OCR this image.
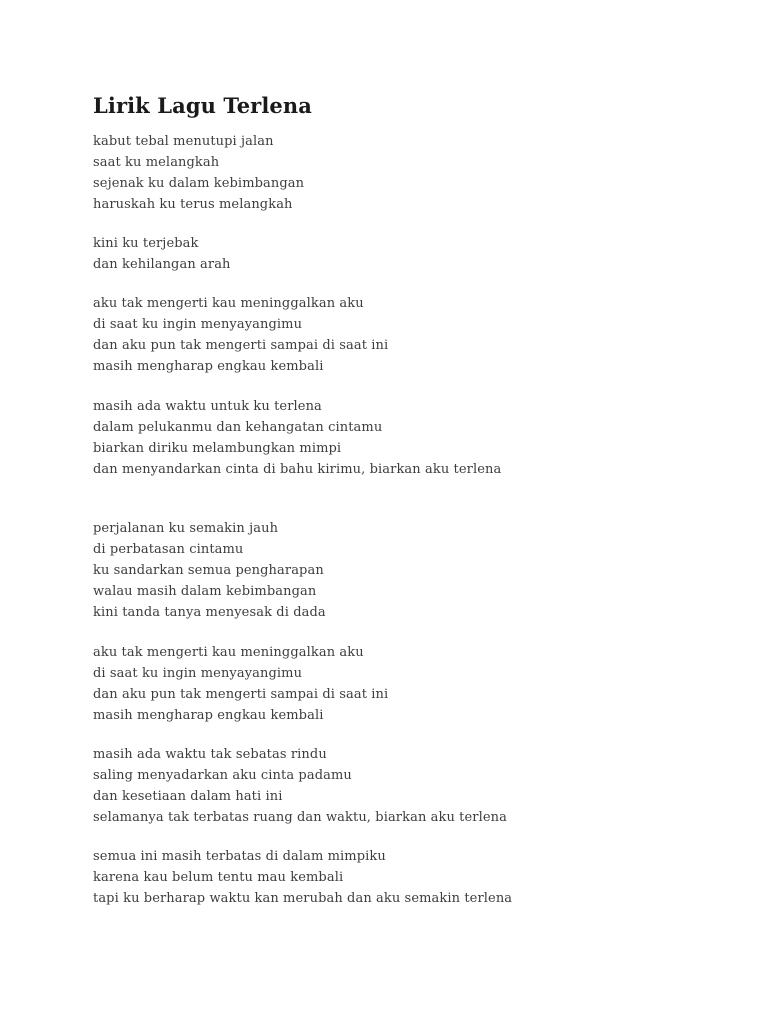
Lirik Lagu Terlena
kabut tebal menutupi jalan
saat ku melangkah
sejenak ku dalam kebimbangan
haruskah ku terus melangkah
kini ku terjebak
dan kehilangan arah
aku tak mengerti kau meninggalkan aku
di saat ku ingin menyayangimu
dan aku pun tak mengerti sampai di saat ini
masih mengharap engkau kembali
masih ada waktu untuk ku terlena
dalam pelukanmu dan kehangatan cintamu
biarkan diriku melambungkan mimpi
dan menyandarkan cinta di bahu kirimu, biarkan aku terlena
perjalanan ku semakin jauh
di perbatasan cintamu
ku sandarkan semua pengharapan
walau masih dalam kebimbangan
kini tanda tanya menyesak di dada
aku tak mengerti kau meninggalkan aku
di saat ku ingin menyayangimu
dan aku pun tak mengerti sampai di saat ini
masih mengharap engkau kembali
masih ada waktu tak sebatas rindu
saling menyadarkan aku cinta padamu
dan kesetiaan dalam hati ini
selamanya tak terbatas ruang dan waktu, biarkan aku terlena
semua ini masih terbatas di dalam mimpiku
karena kau belum tentu mau kembali
tapi ku berharap waktu kan merubah dan aku semakin terlena
